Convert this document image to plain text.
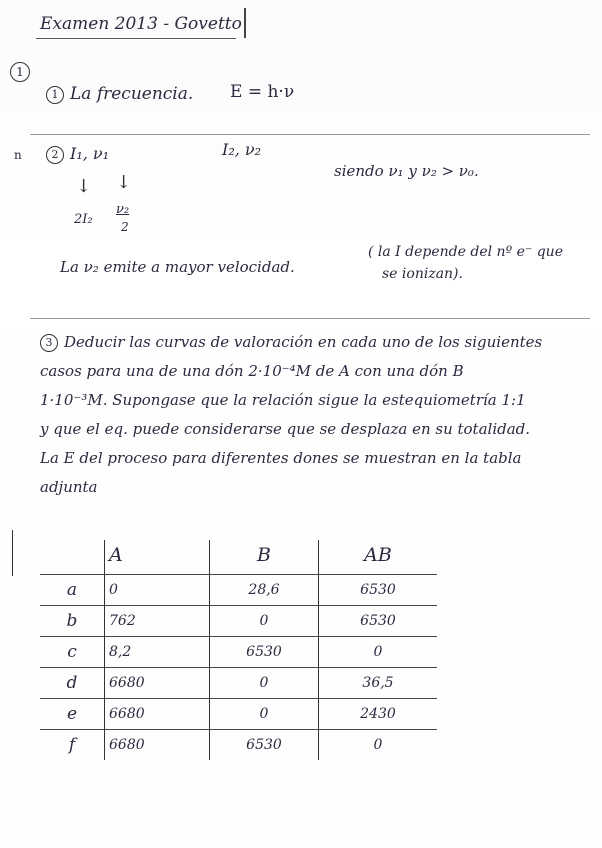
Examen 2013 - Govetto
1
1 La frecuencia. E = h·ν
n	2 I₁, ν₁	I₂, ν₂
siendo ν₁ y ν₂ > ν₀.
↓ ↓
2I₂
ν₂
2
La ν₂ emite a mayor velocidad.
( la I depende del nº e⁻ que
se ionizan).
3 Deducir las curvas de valoración en cada uno de los siguientes
casos para una de una dón 2·10⁻⁴M de A con una dón B
1·10⁻³M. Supongase que la relación sigue la estequiometría 1:1
y que el eq. puede considerarse que se desplaza en su totalidad.
La E del proceso para diferentes dones se muestran en la tabla
adjunta
	A	B	AB
a	0	28,6	6530
b	762	0	6530
c	8,2	6530	0
d	6680	0	36,5
e	6680	0	2430
f	6680	6530	0
